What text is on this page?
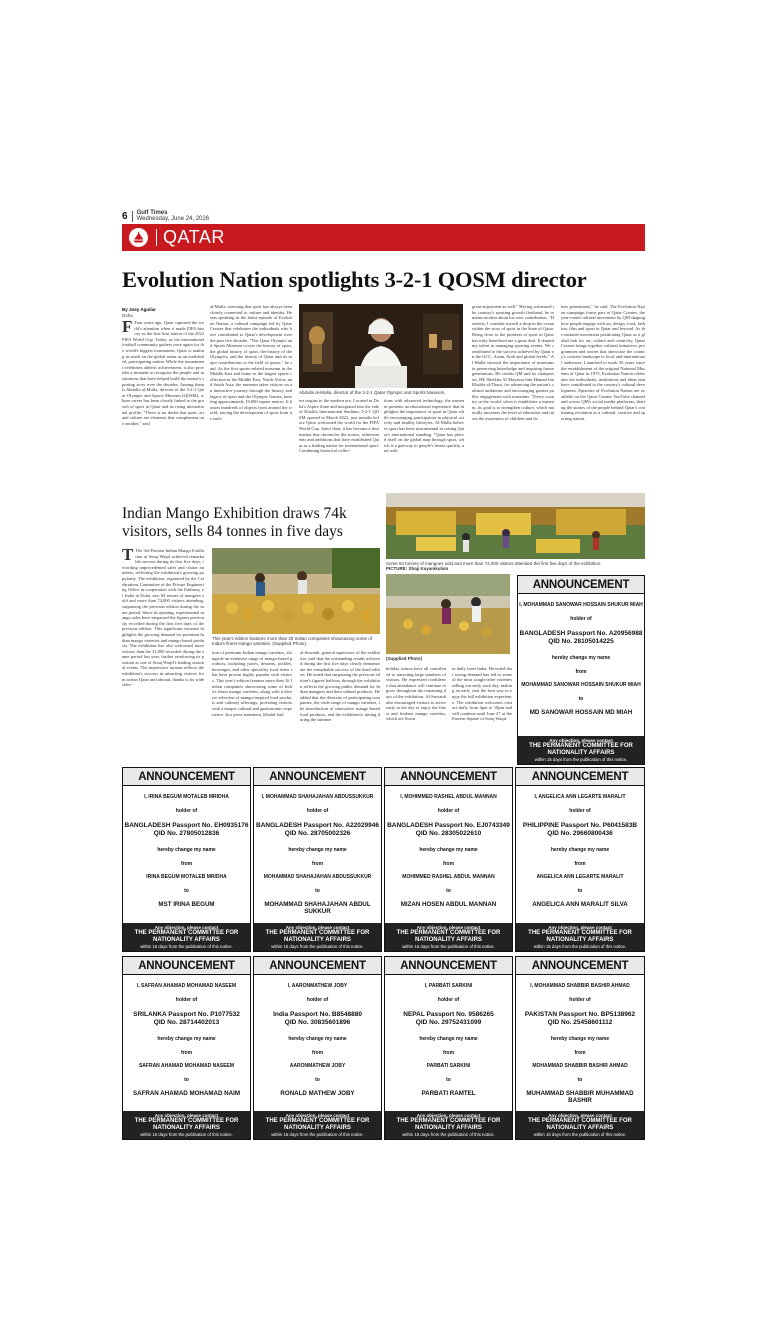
6 Gulf Times
Wednesday, June 24, 2026
QATAR
Evolution Nation spotlights 3-2-1 QOSM director
By Joey Aguilar
Doha

F Four years ago, Qatar captured the world's attention when it made FIFA history as the first host nation of the 2022 FIFA World Cup. Today, as the international football community gathers once again for the world's biggest tournament, Qatar is making its mark on the global arena as an established, participating nation. While the tournament celebrates athletic achievement, it also provides a moment to recognise the people and institutions that have helped build the nation's sporting story over the decades. Among them is Abdulla al-Mulla, director of the 3-2-1 Qatar Olympic and Sports Museum (QOSM), whose career has been closely linked to the growth of sport in Qatar and its rising international profile. "There is no doubt that sport, art and culture are elements that complement one another," said

al-Mulla, stressing that sport has always been closely connected to culture and identity. He was speaking in the latest episode of Evolution Nation, a cultural campaign led by Qatar Creates that celebrates the individuals who have contributed to Qatar's development over the past five decades. "The Qatar Olympic and Sports Museum covers the history of sport, the global history of sport, the history of the Olympics, and the history of Qatar and its major contributions to the field of sports," he said. As the first sports-related museum in the Middle East and home to the largest sports collection in the Middle East, North Africa, and South Asia, the museum takes visitors on an interactive journey through the history and legacy of sport and the Olympic Games, boasting approximately 19,000 square metres. It houses hundreds of objects from around the world, tracing the development of sport from its earli-

Abdulla al-Mulla, director of the 3-2-1 Qatar Olympic and Sports Museum.

est origins to the modern era. Located in Doha's Aspire Zone and integrated into the side of Khalifa International Stadium, 3-2-1 QOSM opened in March 2022, just months before Qatar welcomed the world for the FIFA World Cup. Since then, it has become a destination that chronicles the stories, achievements and ambitions that have established Qatar as a leading nation for international sport. Combining historical collec-

tions with advanced technology, the museum presents an educational experience that highlights the importance of sport in Qatar while encouraging participation in physical activity and healthy lifestyles. Al-Mulla believes sport has been instrumental in raising Qatar's international standing. "Qatar has placed itself on the global map through sport, which is a gateway to people's hearts quickly, and with

great enjoyment as well." Having witnessed the country's sporting growth firsthand, he remains modest about his own contribution. "Honestly, I consider myself a drop in the ocean within the story of sport in the State of Qatar. Being close to the pioneers of sport in Qatar has truly benefitted me a great deal. It shaped my talent in managing sporting events. We contributed to the success achieved by Qatar on the GCC, Asian, Arab and global levels." Al-Mulla stressed the importance of museums in preserving knowledge and inspiring future generations. He credits QM and its chairperson, HE Sheikha Al Mayassa bint Hamad bin Khalifa al-Thani, for advancing the nation's cultural ambitions and encouraging greater public engagement with museums. "Every country in the world, when it establishes a museum, its goal is to strengthen culture, which naturally increases the level of education and raises the awareness of children and fu-

ture generations," he said. The Evolution Nation campaign forms part of Qatar Creates, the year-round cultural movement by QM shaping how people engage with art, design, food, fashion, film and sport in Qatar and beyond. As the national movement positioning Qatar as a global hub for art, culture and creativity, Qatar Creates brings together cultural initiatives, programmes and stories that showcase the country's creative landscape to local and international audiences. Launched to mark 50 years since the establishment of the original National Museum of Qatar in 1975, Evolution Nation celebrates the individuals, institutions and ideas that have contributed to the country's cultural development. Episodes of Evolution Nation are available on the Qatar Creates YouTube channel and across QM's social media platforms, sharing the stories of the people behind Qatar's continuing evolution as a cultural, creative and sporting nation.

Indian Mango Exhibition draws 74k visitors, sells 84 tonnes in five days
Some 84 tonnes of mangoes sold and more than 74,000 visitors attended the first five days of the exhibition.
PICTURE: Shaji Kayamkulam

T The 3rd Passion Indian Mango Exhibition at Souq Waqif achieved remarkable success during its first five days, recording unprecedented sales and visitor numbers, reflecting the exhibition's growing popularity. The exhibition, organised by the Celebrations Committee of the Private Engineering Office in cooperation with the Embassy of India in Doha, saw 84 tonnes of mangoes sold and more than 74,000 visitors attending, surpassing the previous edition during the same period. Since its opening, experimental mango sales have surpassed the figures previously recorded during the first five days of the previous edition. This significant increase highlights the growing demand for premium Indian mango varieties and mango-based products. The exhibition has also welcomed more visitors than the 31,000 recorded during the same period last year, further reinforcing its position as one of Souq Waqif's leading seasonal events. The impressive turnout reflects the exhibition's success in attracting visitors from across Qatar and abroad, thanks to its wide selec-

This year's edition features more than 28 Indian companies showcasing some of India's finest mango varieties. (Supplied Photo)

tion of premium Indian mango varieties, alongside an extensive range of mango-based products, including juices, desserts, pickles, beverages, and other speciality food items that have proven highly popular with visitors. This year's edition features more than 16 Indian companies showcasing some of India's finest mango varieties, along with a diverse selection of mango-inspired food products and culinary offerings, providing visitors with a unique cultural and gastronomic experience. In a press statement, Khalid Saif

al-Suwaidi, general supervisor of the exhibition, said that the outstanding results achieved during the first five days clearly demonstrate the remarkable success of the third edition. He noted that surpassing the previous edition's figures halfway through the exhibition reflects the growing public demand for Indian mangoes and their related products. He added that the diversity of participating companies, the wide range of mango varieties, the introduction of innovative mango-based food products, and the exhibition's timing during the summer

(Supplied Photo)

holiday season have all contributed to attracting large numbers of visitors. He expressed confidence that attendance will continue to grow throughout the remaining days of the exhibition. Al-Suwaidi also encouraged visitors to arrive early in the day to enjoy the finest and freshest mango varieties, which are flown

in daily from India. He noted that strong demand has led to some of the most sought-after varieties selling out early each day, making an early visit the best way to enjoy the full exhibition experience. The exhibition welcomes visitors daily from 4pm to 10pm and will continue until June 27 at the Eastern Square of Souq Waqif.

ANNOUNCEMENT
I, MOHAMMAD SANOWAR HOSSAIN SHUKUR MIAH
holder of
BANGLADESH Passport No. A20956988
QID No. 28105014225
hereby change my name
from
MOHAMMAD SANOWAR HOSSAIN SHUKUR MIAH
to
MD SANOWAR HOSSAIN MD MIAH
Any objection, please contact
THE PERMANENT COMMITTEE FOR NATIONALITY AFFAIRS
within 15 days from the publication of this notice.
ANNOUNCEMENT
I, IRINA BEGUM MOTALEB MRIDHA
holder of
BANGLADESH Passport No. EH0935176
QID No. 27805012836
hereby change my name
from
IRINA BEGUM MOTALEB MRIDHA
to
MST IRINA BEGUM
Any objection, please contact
THE PERMANENT COMMITTEE FOR NATIONALITY AFFAIRS
within 15 days from the publication of this notice.
ANNOUNCEMENT
I, MOHAMMAD SHAHAJAHAN ABDUSSUKKUR
holder of
BANGLADESH Passport No. A22029946
QID No. 28705002326
hereby change my name
from
MOHAMMAD SHAHAJAHAN ABDUSSUKKUR
to
MOHAMMAD SHAHAJAHAN ABDUL SUKKUR
Any objection, please contact
THE PERMANENT COMMITTEE FOR NATIONALITY AFFAIRS
within 15 days from the publication of this notice.
ANNOUNCEMENT
I, MOHIMMED RASHEL ABDUL MANNAN
holder of
BANGLADESH Passport No. EJ0743349
QID No. 28305022610
hereby change my name
from
MOHIMMED RASHEL ABDUL MANNAN
to
MIZAN HOSEN ABDUL MANNAN
Any objection, please contact
THE PERMANENT COMMITTEE FOR NATIONALITY AFFAIRS
within 15 days from the publication of this notice.
ANNOUNCEMENT
I, ANGELICA ANN LEGARTE MARALIT
holder of
PHILIPPINE Passport No. P6041583B
QID No. 29660800436
hereby change my name
from
ANGELICA ANN LEGARTE MARALIT
to
ANGELICA ANN MARALIT SILVA
Any objection, please contact
THE PERMANENT COMMITTEE FOR NATIONALITY AFFAIRS
within 15 days from the publication of this notice.
ANNOUNCEMENT
I, SAFRAN AHAMAD MOHAMAD NASEEM
holder of
SRILANKA Passport No. P1077532
QID No. 28714402013
hereby change my name
from
SAFRAN AHAMAD MOHAMAD NASEEM
to
SAFRAN AHAMAD MOHAMAD NAIM
Any objection, please contact
THE PERMANENT COMMITTEE FOR NATIONALITY AFFAIRS
within 15 days from the publication of this notice.
ANNOUNCEMENT
I, AARONMATHEW JOBY
holder of
India Passport No. B8548880
QID No. 30835601896
hereby change my name
from
AARONMATHEW JOBY
to
RONALD MATHEW JOBY
Any objection, please contact
THE PERMANENT COMMITTEE FOR NATIONALITY AFFAIRS
within 15 days from the publication of this notice.
ANNOUNCEMENT
I, PARBATI SARKINI
holder of
NEPAL Passport No. 9586265
QID No. 29752431099
hereby change my name
from
PARBATI SARKINI
to
PARBATI RAMTEL
Any objection, please contact
THE PERMANENT COMMITTEE FOR NATIONALITY AFFAIRS
within 15 days from the publication of this notice.
ANNOUNCEMENT
I, MOHAMMAD SHABBIR BASHIR AHMAD
holder of
PAKISTAN Passport No. BP5138962
QID No. 25458601112
hereby change my name
from
MOHAMMAD SHABBIR BASHIR AHMAD
to
MUHAMMAD SHABBIR MUHAMMAD BASHIR
Any objection, please contact
THE PERMANENT COMMITTEE FOR NATIONALITY AFFAIRS
within 15 days from the publication of this notice.
